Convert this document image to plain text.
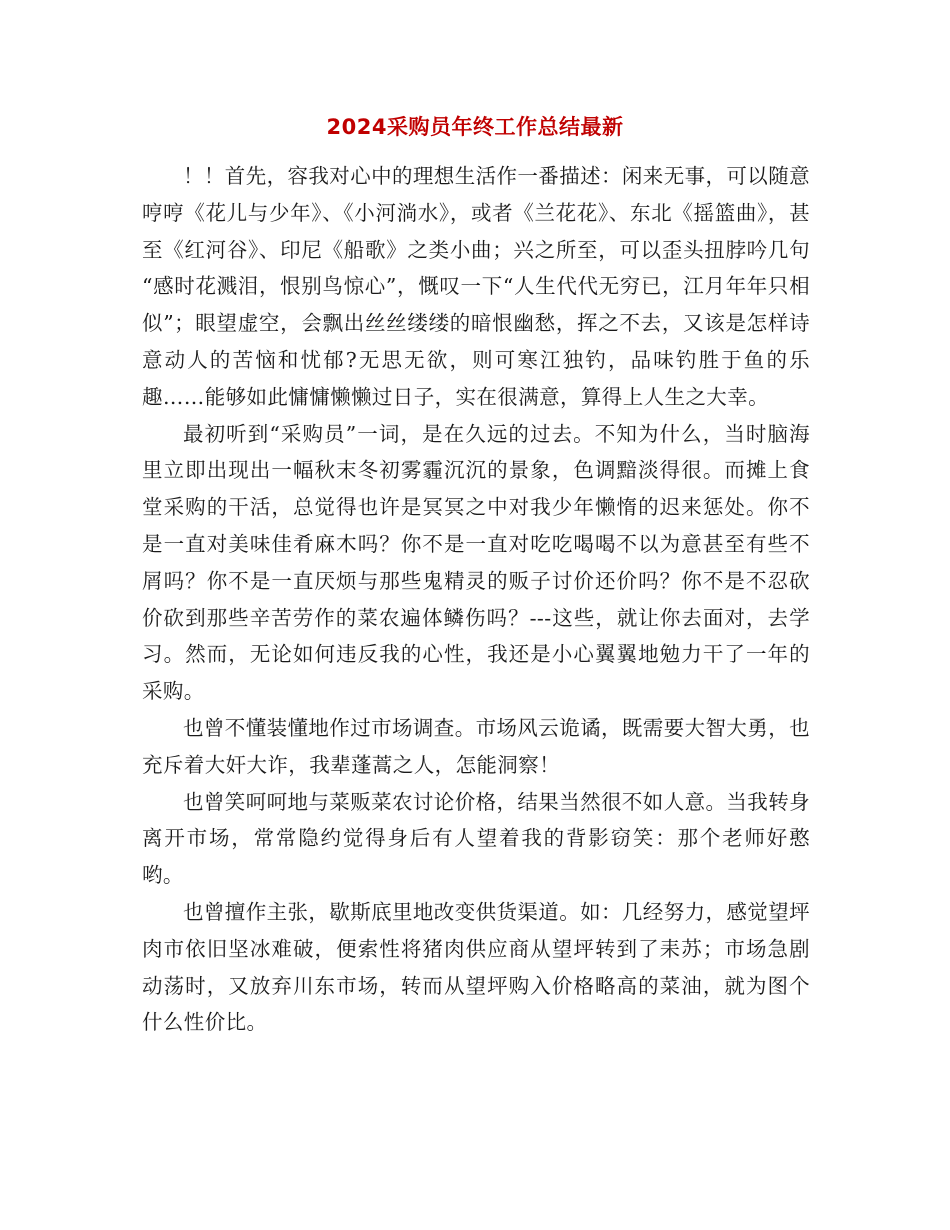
2024采购员年终工作总结最新

！！首先，容我对心中的理想生活作一番描述：闲来无事，可以随意哼哼《花儿与少年》、《小河淌水》，或者《兰花花》、东北《摇篮曲》，甚至《红河谷》、印尼《船歌》之类小曲；兴之所至，可以歪头扭脖吟几句 “感时花溅泪，恨别鸟惊心”，慨叹一下“人生代代无穷已，江月年年只相似”；眼望虚空，会飘出丝丝缕缕的暗恨幽愁，挥之不去，又该是怎样诗意动人的苦恼和忧郁?无思无欲，则可寒江独钓，品味钓胜于鱼的乐趣……能够如此慵慵懒懒过日子，实在很满意，算得上人生之大幸。

最初听到“采购员”一词，是在久远的过去。不知为什么，当时脑海里立即出现出一幅秋末冬初雾霾沉沉的景象，色调黯淡得很。而摊上食堂采购的干活，总觉得也许是冥冥之中对我少年懒惰的迟来惩处。你不是一直对美味佳肴麻木吗？你不是一直对吃吃喝喝不以为意甚至有些不屑吗？你不是一直厌烦与那些鬼精灵的贩子讨价还价吗？你不是不忍砍价砍到那些辛苦劳作的菜农遍体鳞伤吗？---这些，就让你去面对，去学习。然而，无论如何违反我的心性，我还是小心翼翼地勉力干了一年的采购。

也曾不懂装懂地作过市场调查。市场风云诡谲，既需要大智大勇，也充斥着大奸大诈，我辈蓬蒿之人，怎能洞察！

也曾笑呵呵地与菜贩菜农讨论价格，结果当然很不如人意。当我转身离开市场，常常隐约觉得身后有人望着我的背影窃笑：那个老师好憨哟。

也曾擅作主张，歇斯底里地改变供货渠道。如：几经努力，感觉望坪肉市依旧坚冰难破，便索性将猪肉供应商从望坪转到了耒苏；市场急剧动荡时，又放弃川东市场，转而从望坪购入价格略高的菜油，就为图个什么性价比。
